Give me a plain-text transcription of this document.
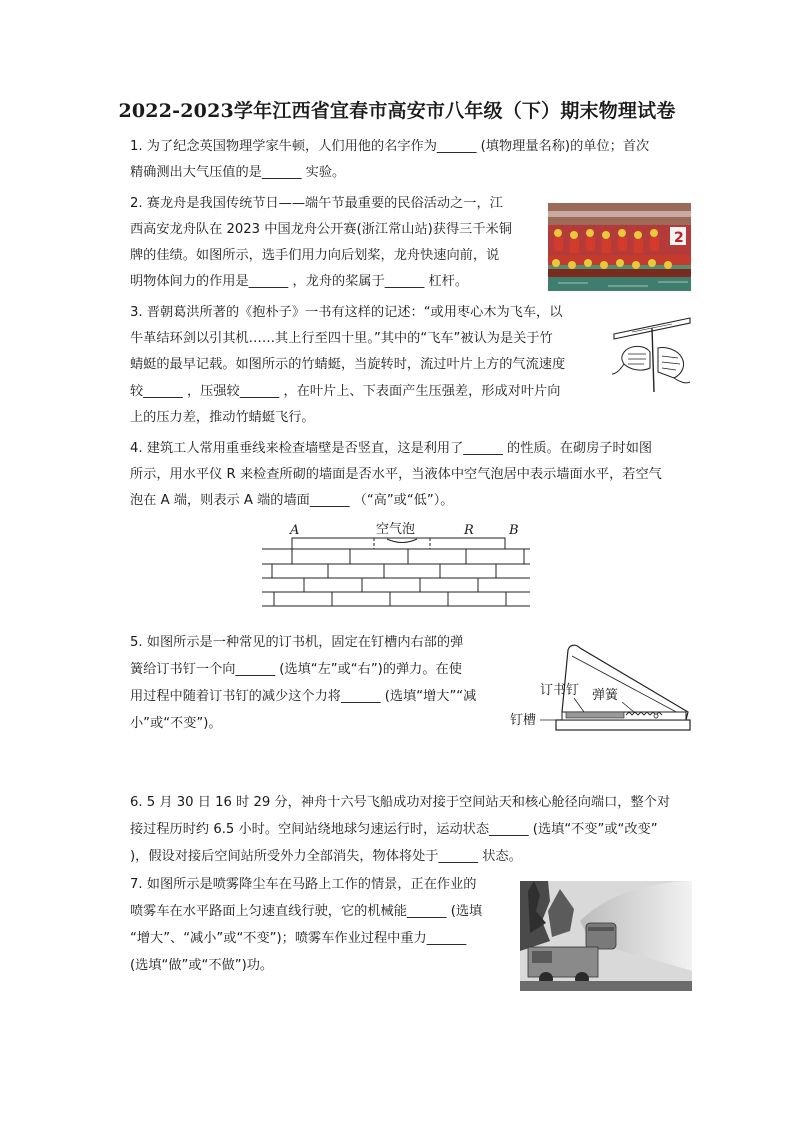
2022-2023学年江西省宜春市高安市八年级（下）期末物理试卷
1. 为了纪念英国物理学家牛顿，人们用他的名字作为______ (填物理量名称)的单位；首次
精确测出大气压值的是______ 实验。
2. 赛龙舟是我国传统节日——端午节最重要的民俗活动之一，江
西高安龙舟队在 2023 中国龙舟公开赛(浙江常山站)获得三千米铜
牌的佳绩。如图所示，选手们用力向后划桨，龙舟快速向前，说
明物体间力的作用是______ ，龙舟的桨属于______ 杠杆。
2
3. 晋朝葛洪所著的《抱朴子》一书有这样的记述：“或用枣心木为飞车，以
牛革结环剑以引其机……其上行至四十里。”其中的“飞车”被认为是关于竹
蜻蜓的最早记载。如图所示的竹蜻蜓，当旋转时，流过叶片上方的气流速度
较______ ，压强较______ ，在叶片上、下表面产生压强差，形成对叶片向
上的压力差，推动竹蜻蜓飞行。
4. 建筑工人常用重垂线来检查墙壁是否竖直，这是利用了______ 的性质。在砌房子时如图
所示，用水平仪 R 来检查所砌的墙面是否水平，当液体中空气泡居中表示墙面水平，若空气
泡在 A 端，则表示 A 端的墙面______ （“高”或“低”）。
A	空气泡	R	B
5. 如图所示是一种常见的订书机，固定在钉槽内右部的弹
簧给订书钉一个向______ (选填“左”或“右”)的弹力。在使
用过程中随着订书钉的减少这个力将______ (选填“增大”“减
小”或“不变”)。
订书钉 弹簧
钉槽
6. 5 月 30 日 16 时 29 分，神舟十六号飞船成功对接于空间站天和核心舱径向端口，整个对
接过程历时约 6.5 小时。空间站绕地球匀速运行时，运动状态______ (选填“不变”或“改变”
)，假设对接后空间站所受外力全部消失，物体将处于______ 状态。
7. 如图所示是喷雾降尘车在马路上工作的情景，正在作业的
喷雾车在水平路面上匀速直线行驶，它的机械能______ (选填
“增大”、“减小”或“不变”)；喷雾车作业过程中重力______
(选填“做”或“不做”)功。
